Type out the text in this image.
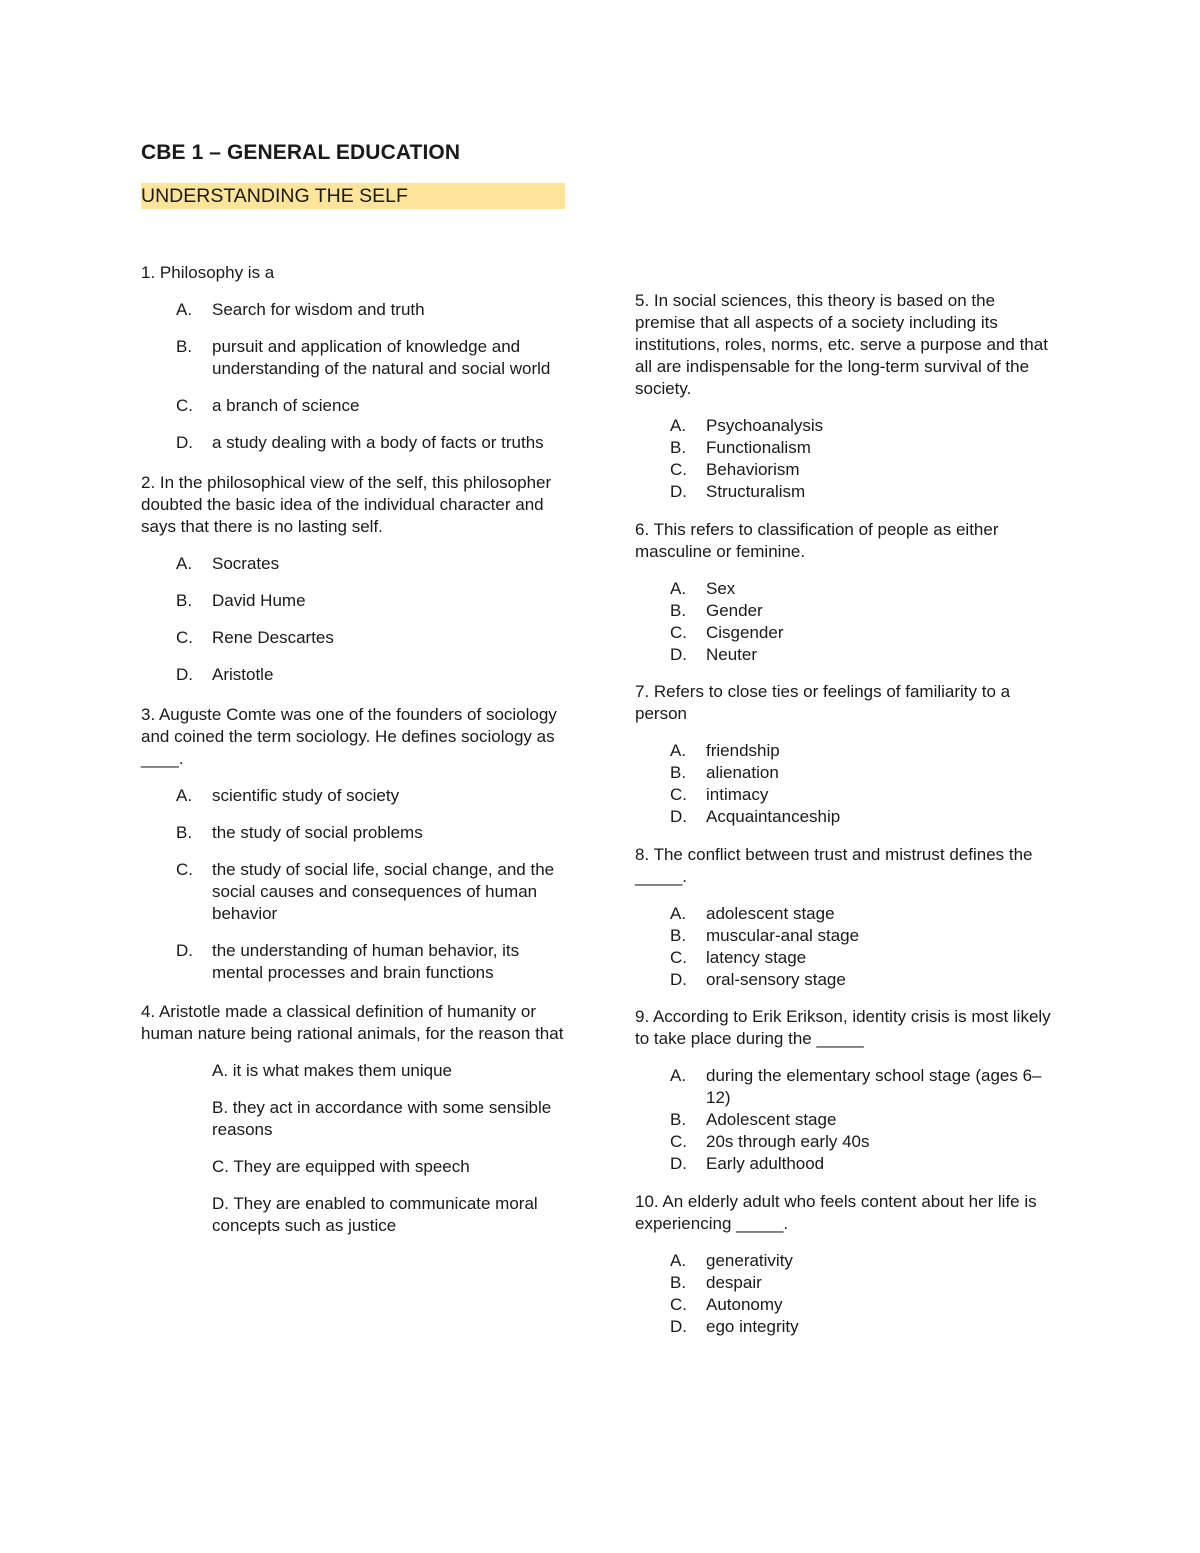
CBE 1 – GENERAL EDUCATION
UNDERSTANDING THE SELF

1. Philosophy is a

A.	Search for wisdom and truth
B.	pursuit and application of knowledge and understanding of the natural and social world
C.	a branch of science
D.	a study dealing with a body of facts or truths

2. In the philosophical view of the self, this philosopher doubted the basic idea of the individual character and says that there is no lasting self.

A.	Socrates
B.	David Hume
C.	Rene Descartes
D.	Aristotle

3. Auguste Comte was one of the founders of sociology and coined the term sociology. He defines sociology as ____.

A.	scientific study of society
B.	the study of social problems
C.	the study of social life, social change, and the social causes and consequences of human behavior
D.	the understanding of human behavior, its mental processes and brain functions

4. Aristotle made a classical definition of humanity or human nature being rational animals, for the reason that

A. it is what makes them unique
B. they act in accordance with some sensible reasons
C. They are equipped with speech
D. They are enabled to communicate moral concepts such as justice

5. In social sciences, this theory is based on the premise that all aspects of a society including its institutions, roles, norms, etc. serve a purpose and that all are indispensable for the long-term survival of the society.

A.	Psychoanalysis
B.	Functionalism
C.	Behaviorism
D.	Structuralism

6. This refers to classification of people as either masculine or feminine.

A.	Sex
B.	Gender
C.	Cisgender
D.	Neuter

7. Refers to close ties or feelings of familiarity to a person

A.	friendship
B.	alienation
C.	intimacy
D.	Acquaintanceship

8. The conflict between trust and mistrust defines the _____.

A.	adolescent stage
B.	muscular-anal stage
C.	latency stage
D.	oral-sensory stage

9. According to Erik Erikson, identity crisis is most likely to take place during the _____

A.	during the elementary school stage (ages 6–12)
B.	Adolescent stage
C.	20s through early 40s
D.	Early adulthood

10. An elderly adult who feels content about her life is experiencing _____.

A.	generativity
B.	despair
C.	Autonomy
D.	ego integrity
